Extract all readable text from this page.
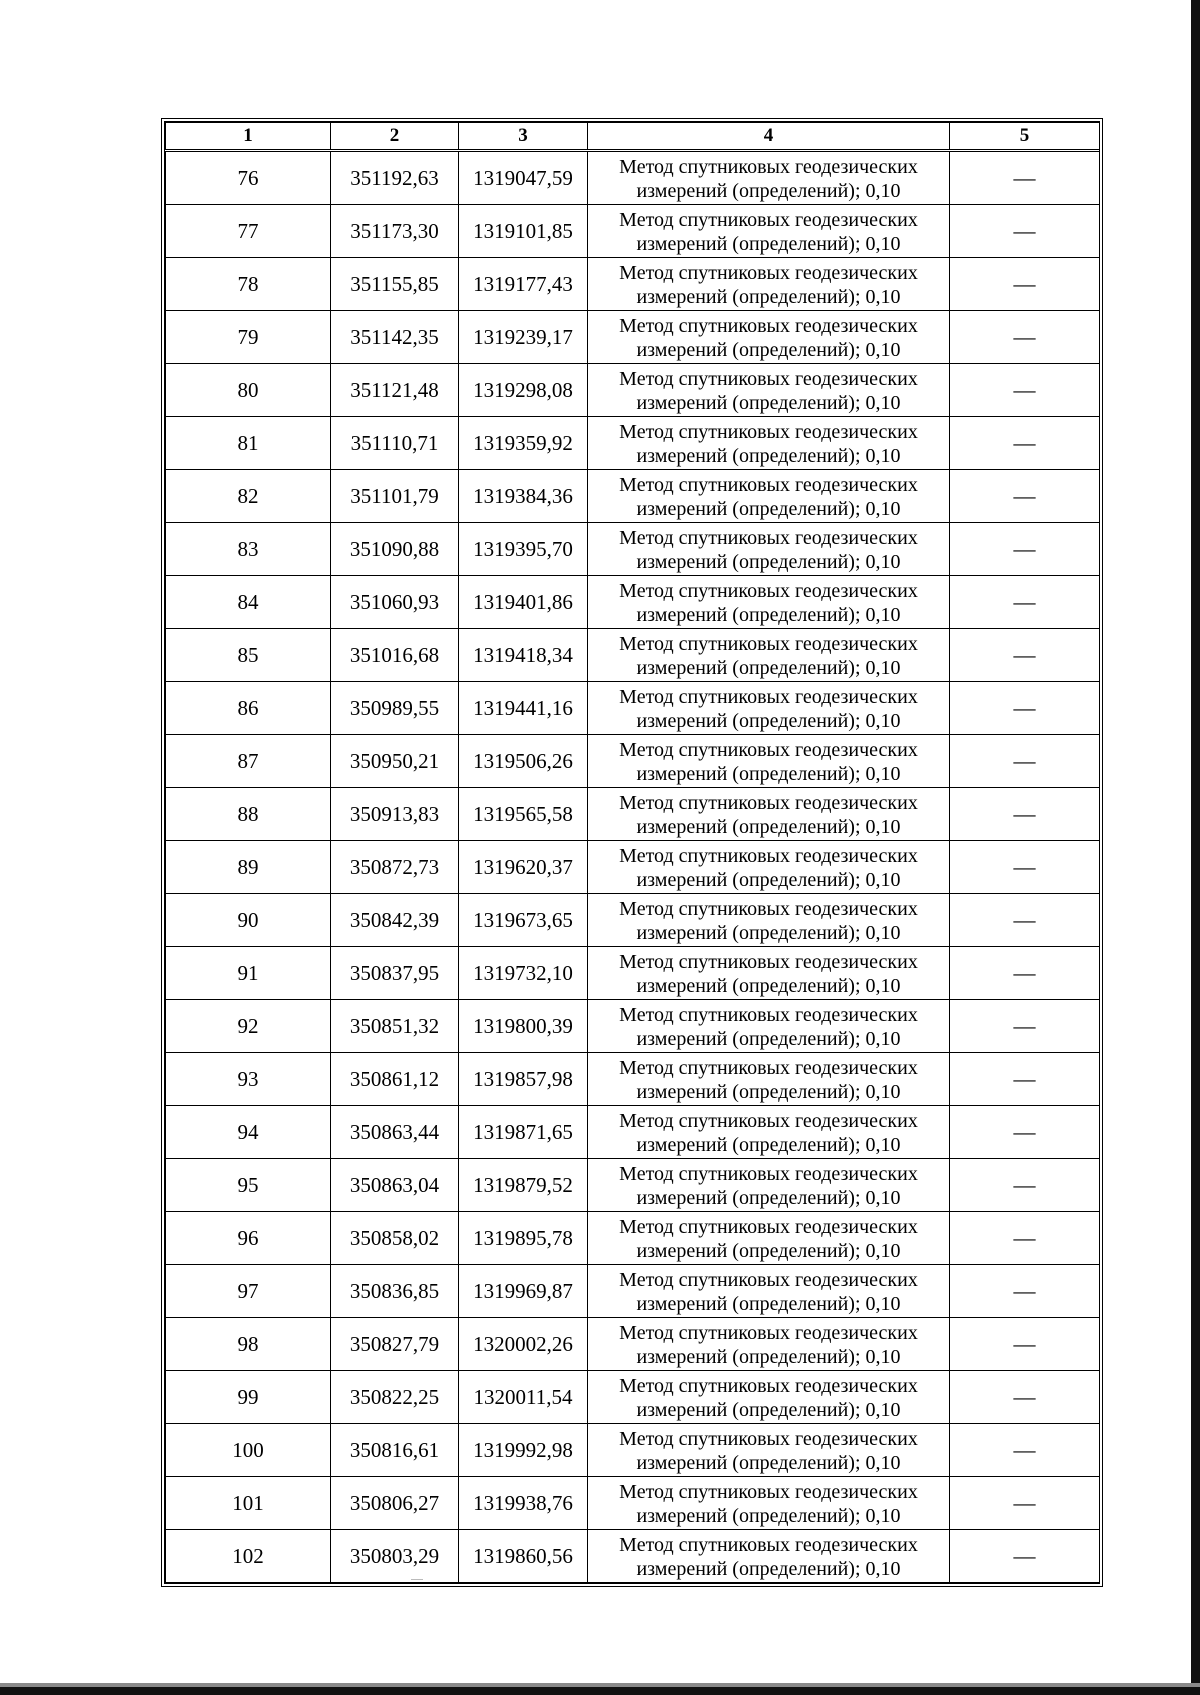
1	2	3	4	5
76	351192,63	1319047,59	Метод спутниковых геодезических
измерений (определений); 0,10	—
77	351173,30	1319101,85	Метод спутниковых геодезических
измерений (определений); 0,10	—
78	351155,85	1319177,43	Метод спутниковых геодезических
измерений (определений); 0,10	—
79	351142,35	1319239,17	Метод спутниковых геодезических
измерений (определений); 0,10	—
80	351121,48	1319298,08	Метод спутниковых геодезических
измерений (определений); 0,10	—
81	351110,71	1319359,92	Метод спутниковых геодезических
измерений (определений); 0,10	—
82	351101,79	1319384,36	Метод спутниковых геодезических
измерений (определений); 0,10	—
83	351090,88	1319395,70	Метод спутниковых геодезических
измерений (определений); 0,10	—
84	351060,93	1319401,86	Метод спутниковых геодезических
измерений (определений); 0,10	—
85	351016,68	1319418,34	Метод спутниковых геодезических
измерений (определений); 0,10	—
86	350989,55	1319441,16	Метод спутниковых геодезических
измерений (определений); 0,10	—
87	350950,21	1319506,26	Метод спутниковых геодезических
измерений (определений); 0,10	—
88	350913,83	1319565,58	Метод спутниковых геодезических
измерений (определений); 0,10	—
89	350872,73	1319620,37	Метод спутниковых геодезических
измерений (определений); 0,10	—
90	350842,39	1319673,65	Метод спутниковых геодезических
измерений (определений); 0,10	—
91	350837,95	1319732,10	Метод спутниковых геодезических
измерений (определений); 0,10	—
92	350851,32	1319800,39	Метод спутниковых геодезических
измерений (определений); 0,10	—
93	350861,12	1319857,98	Метод спутниковых геодезических
измерений (определений); 0,10	—
94	350863,44	1319871,65	Метод спутниковых геодезических
измерений (определений); 0,10	—
95	350863,04	1319879,52	Метод спутниковых геодезических
измерений (определений); 0,10	—
96	350858,02	1319895,78	Метод спутниковых геодезических
измерений (определений); 0,10	—
97	350836,85	1319969,87	Метод спутниковых геодезических
измерений (определений); 0,10	—
98	350827,79	1320002,26	Метод спутниковых геодезических
измерений (определений); 0,10	—
99	350822,25	1320011,54	Метод спутниковых геодезических
измерений (определений); 0,10	—
100	350816,61	1319992,98	Метод спутниковых геодезических
измерений (определений); 0,10	—
101	350806,27	1319938,76	Метод спутниковых геодезических
измерений (определений); 0,10	—
102	350803,29	1319860,56	Метод спутниковых геодезических
измерений (определений); 0,10	—
